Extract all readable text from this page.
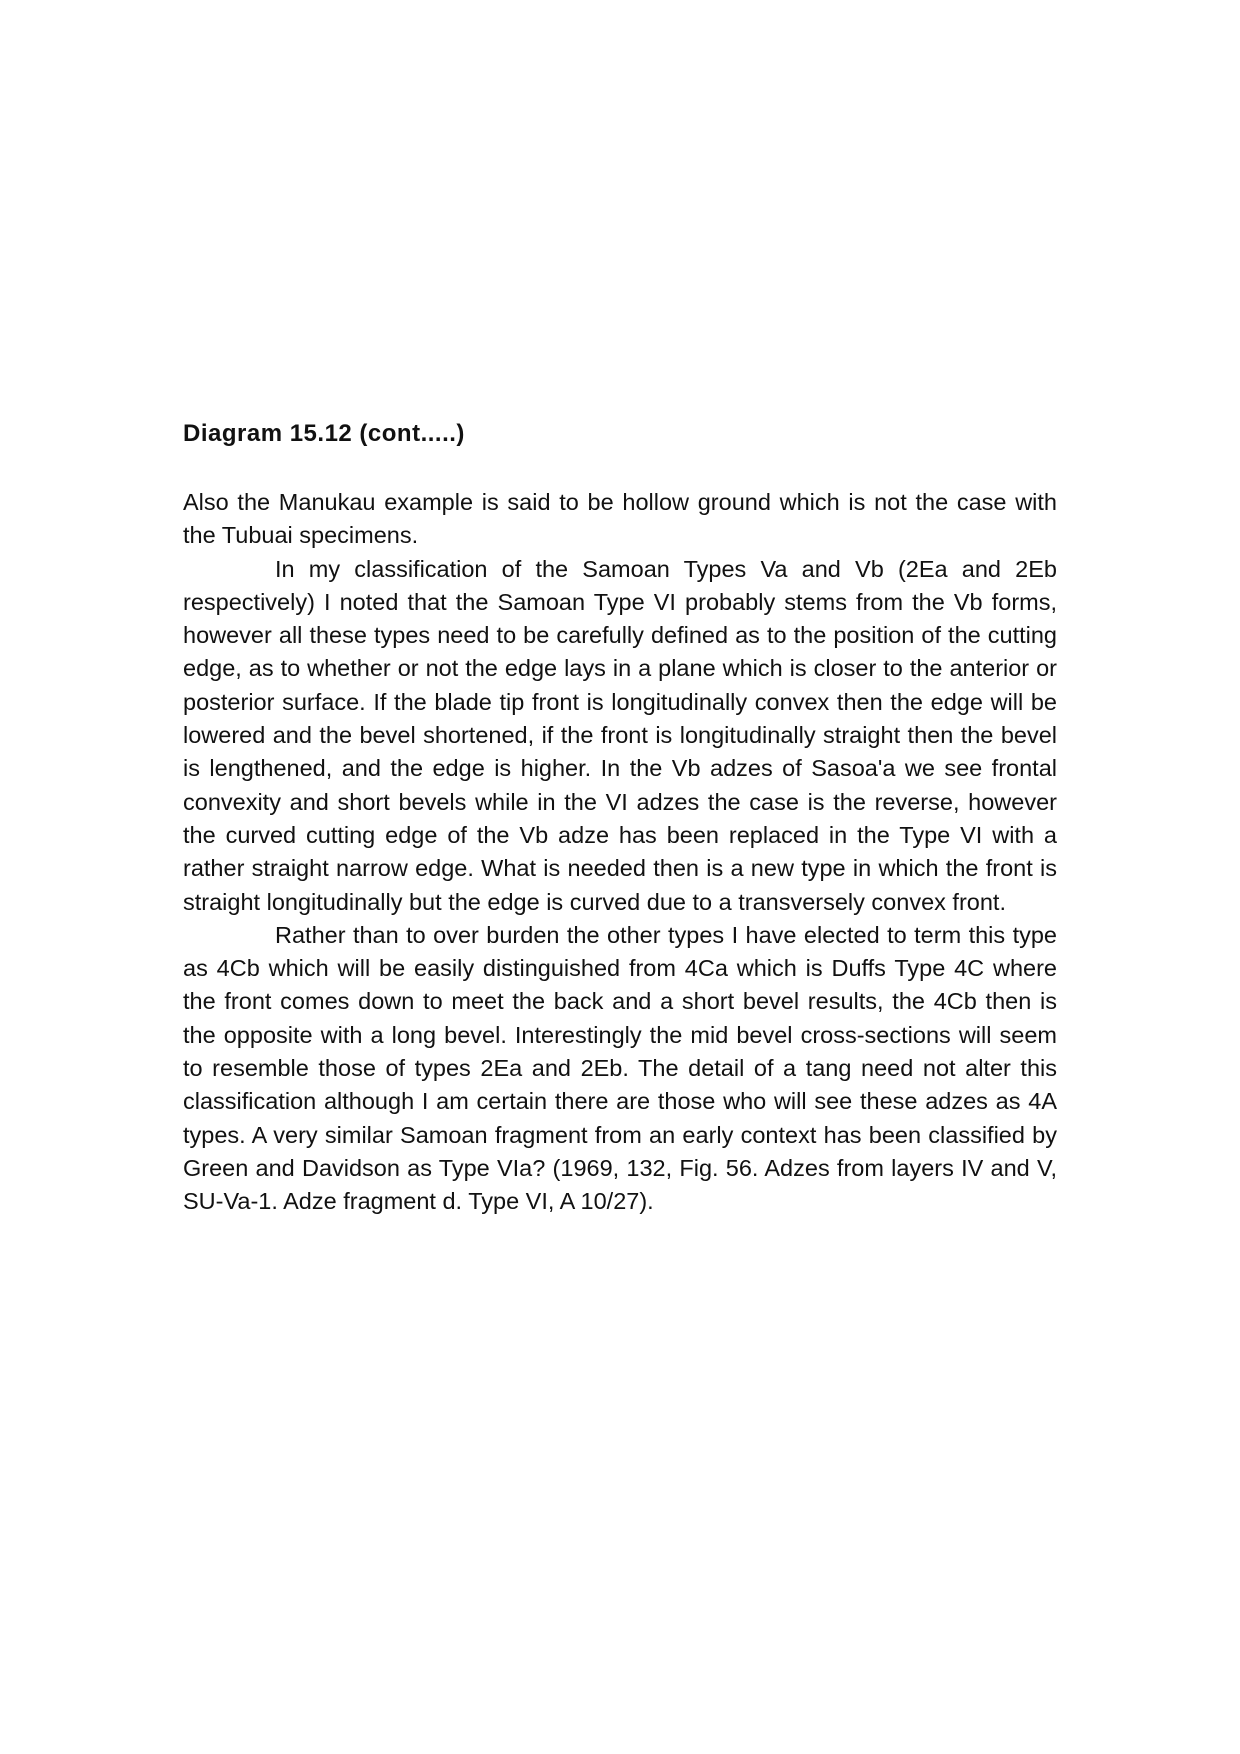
Diagram 15.12 (cont.....)

Also the Manukau example is said to be hollow ground which is not the case with the Tubuai specimens.

In my classification of the Samoan Types Va and Vb (2Ea and 2Eb respectively) I noted that the Samoan Type VI probably stems from the Vb forms, however all these types need to be carefully defined as to the position of the cutting edge, as to whether or not the edge lays in a plane which is closer to the anterior or posterior surface. If the blade tip front is longitudinally convex then the edge will be lowered and the bevel shortened, if the front is longitudinally straight then the bevel is lengthened, and the edge is higher. In the Vb adzes of Sasoa'a we see frontal convexity and short bevels while in the VI adzes the case is the reverse, however the curved cutting edge of the Vb adze has been replaced in the Type VI with a rather straight narrow edge. What is needed then is a new type in which the front is straight longitudinally but the edge is curved due to a transversely convex front.

Rather than to over burden the other types I have elected to term this type as 4Cb which will be easily distinguished from 4Ca which is Duffs Type 4C where the front comes down to meet the back and a short bevel results, the 4Cb then is the opposite with a long bevel. Interestingly the mid bevel cross-sections will seem to resemble those of types 2Ea and 2Eb. The detail of a tang need not alter this classification although I am certain there are those who will see these adzes as 4A types. A very similar Samoan fragment from an early context has been classified by Green and Davidson as Type VIa? (1969, 132, Fig. 56. Adzes from layers IV and V, SU-Va-1. Adze fragment d. Type VI, A 10/27).
